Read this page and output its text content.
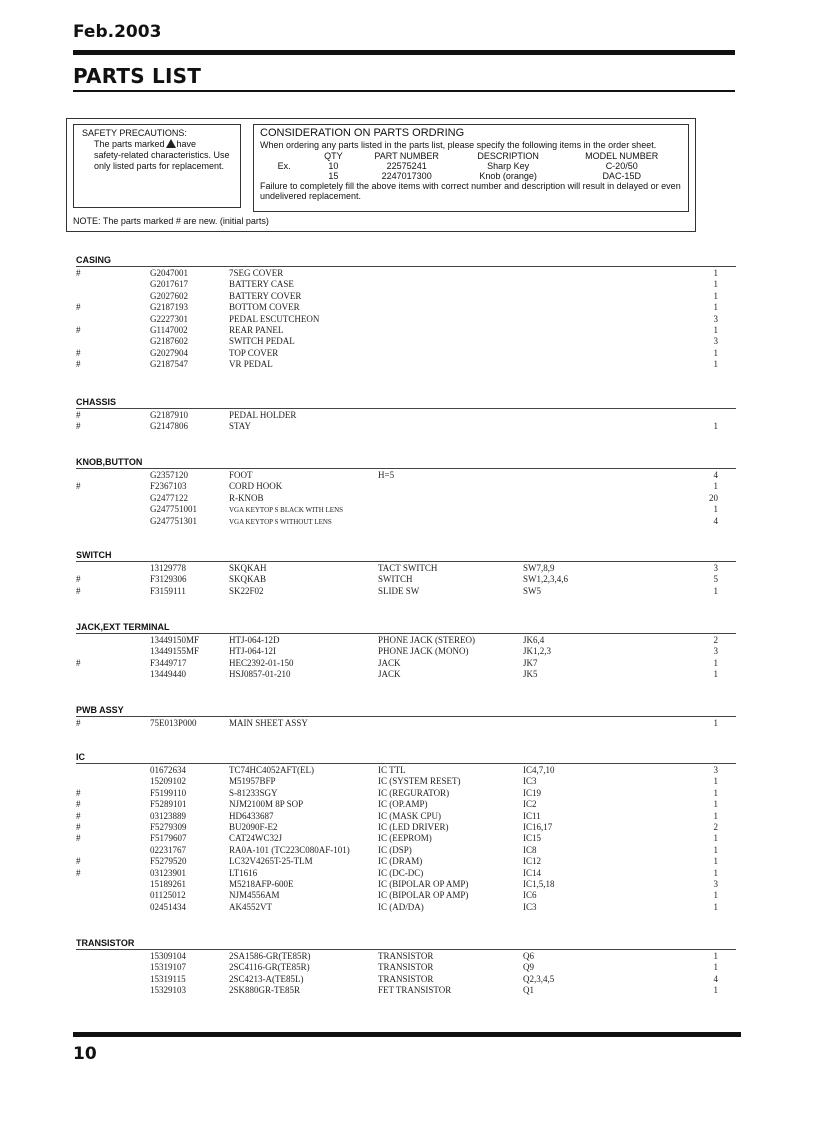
Feb.2003
PARTS LIST
SAFETY PRECAUTIONS:
The parts marked have
safety-related characteristics. Use
only listed parts for replacement.
CONSIDERATION ON PARTS ORDRING
When ordering any parts listed in the parts list, please specify the following items in the order sheet.
	QTY	PART NUMBER	DESCRIPTION	MODEL NUMBER
Ex.	10	22575241	Sharp Key	C-20/50
	15	2247017300	Knob (orange)	DAC-15D
Failure to completely fill the above items with correct number and description will result in delayed or even undelivered replacement.
NOTE: The parts marked # are new. (initial parts)
CASING
#	G2047001	7SEG COVER	1
G2017617	BATTERY CASE	1
G2027602	BATTERY COVER	1
#	G2187193	BOTTOM COVER	1
G2227301	PEDAL ESCUTCHEON	3
#	G1147002	REAR PANEL	1
G2187602	SWITCH PEDAL	3
#	G2027904	TOP COVER	1
#	G2187547	VR PEDAL	1
CHASSIS
#	G2187910	PEDAL HOLDER
#	G2147806	STAY	1
KNOB,BUTTON
G2357120	FOOT	H=5	4
#	F2367103	CORD HOOK	1
G2477122	R-KNOB	20
G247751001	VGA KEYTOP S BLACK WITH LENS	1
G247751301	VGA KEYTOP S WITHOUT LENS	4
SWITCH
13129778	SKQKAH	TACT SWITCH	SW7,8,9	3
#	F3129306	SKQKAB	SWITCH	SW1,2,3,4,6	5
#	F3159111	SK22F02	SLIDE SW	SW5	1
JACK,EXT TERMINAL
13449150MF	HTJ-064-12D	PHONE JACK (STEREO)	JK6,4	2
13449155MF	HTJ-064-12I	PHONE JACK (MONO)	JK1,2,3	3
#	F3449717	HEC2392-01-150	JACK	JK7	1
13449440	HSJ0857-01-210	JACK	JK5	1
PWB ASSY
#	75E013P000	MAIN SHEET ASSY	1
IC
01672634	TC74HC4052AFT(EL)	IC TTL	IC4,7,10	3
15209102	M51957BFP	IC (SYSTEM RESET)	IC3	1
#	F5199110	S-81233SGY	IC (REGURATOR)	IC19	1
#	F5289101	NJM2100M 8P SOP	IC (OP.AMP)	IC2	1
#	03123889	HD6433687	IC (MASK CPU)	IC11	1
#	F5279309	BU2090F-E2	IC (LED DRIVER)	IC16,17	2
#	F5179607	CAT24WC32J	IC (EEPROM)	IC15	1
02231767	RA0A-101 (TC223C080AF-101)	IC (DSP)	IC8	1
#	F5279520	LC32V4265T-25-TLM	IC (DRAM)	IC12	1
#	03123901	LT1616	IC (DC-DC)	IC14	1
15189261	M5218AFP-600E	IC (BIPOLAR OP AMP)	IC1,5,18	3
01125012	NJM4556AM	IC (BIPOLAR OP AMP)	IC6	1
02451434	AK4552VT	IC (AD/DA)	IC3	1
TRANSISTOR
15309104	2SA1586-GR(TE85R)	TRANSISTOR	Q6	1
15319107	2SC4116-GR(TE85R)	TRANSISTOR	Q9	1
15319115	2SC4213-A(TE85L)	TRANSISTOR	Q2,3,4,5	4
15329103	2SK880GR-TE85R	FET TRANSISTOR	Q1	1
10
